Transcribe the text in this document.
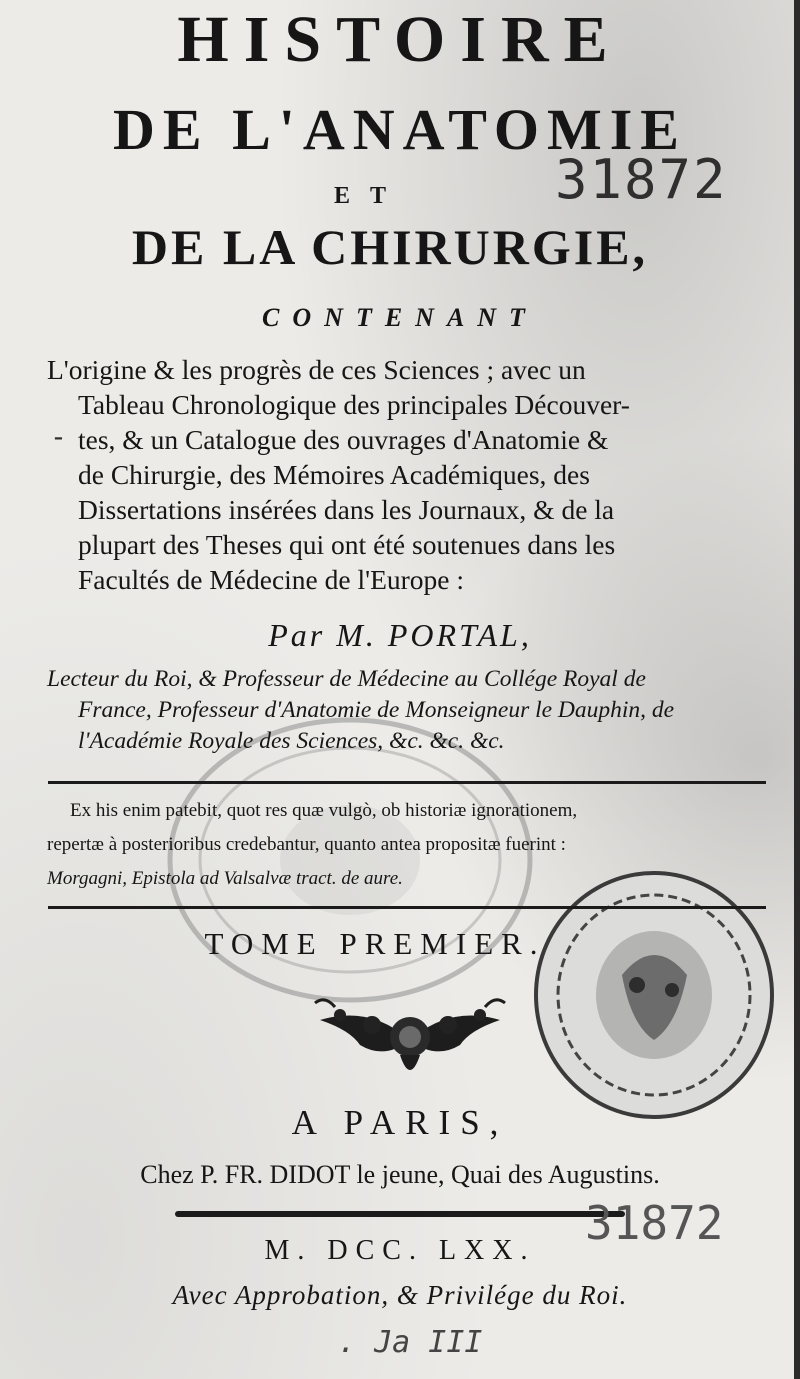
HISTOIRE
DE L'ANATOMIE
ET
DE LA CHIRURGIE,
31872
CONTENANT
L'origine & les progrès de ces Sciences ; avec un
Tableau Chronologique des principales Découver-
tes, & un Catalogue des ouvrages d'Anatomie &
de Chirurgie, des Mémoires Académiques, des
Dissertations insérées dans les Journaux, & de la
plupart des Theses qui ont été soutenues dans les
Facultés de Médecine de l'Europe :
-
Par M. PORTAL,
Lecteur du Roi, & Professeur de Médecine au Collége Royal de
France, Professeur d'Anatomie de Monseigneur le Dauphin, de
l'Académie Royale des Sciences, &c. &c. &c.
Ex his enim patebit, quot res quæ vulgò, ob historiæ ignorationem,
repertæ à posterioribus credebantur, quanto antea propositæ fuerint :
Morgagni, Epistola ad Valsalvæ tract. de aure.
TOME PREMIER.
A PARIS,
Chez P. FR. DIDOT le jeune, Quai des Augustins.
31872
M. DCC. LXX.
Avec Approbation, & Privilége du Roi.
. Ja III
